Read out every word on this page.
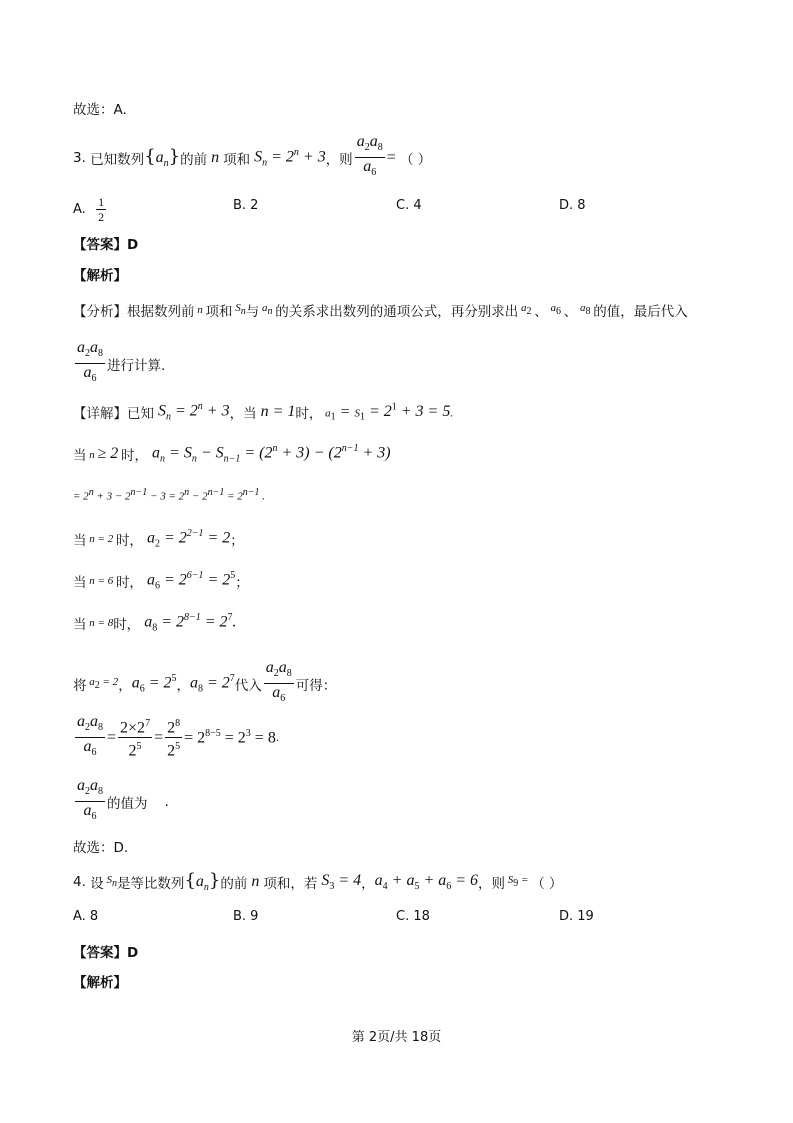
故选：A.
3.
已知数列 $\{a_n\}$ 的前 n 项和 $S_n = 2^n + 3$ ，则 $\frac{a_2a_8}{a_6}$ =
（ ）
A.
$\frac{1}{2}$	B. 2	C. 4	D. 8
【答案】D
【解析】
【分析】根据数列前 n 项和 $S_n$ 与 $a_n$ 的关系求出数列的通项公式，再分别求出 $a_2$ 、 $a_6$ 、 $a_8$ 的值，最后代入
$\frac{a_2a_8}{a_6}$ 进行计算.
【详解】已知 $S_n = 2^n + 3$ ，当 n = 1 时， $a_1 = S_1 = 2^1 + 3 = 5$.
当 n ≥ 2 时， $a_n = S_n - S_{n-1} = (2^n + 3) - (2^{n-1} + 3)$
= $2^n + 3 - 2^{n-1} - 3 = 2^n - 2^{n-1} = 2^{n-1}$ .
当 n = 2 时， $a_2 = 2^{2-1} = 2$ ；
当 n = 6 时， $a_6 = 2^{6-1} = 2^5$ ；
当 n = 8 时， $a_8 = 2^{8-1} = 2^7$.
将 $a_2 = 2$ ， $a_6 = 2^5$ ， $a_8 = 2^7$ 代入 $\frac{a_2a_8}{a_6}$ 可得：
$\frac{a_2a_8}{a_6} = \frac{2\times 2^7}{2^5} = \frac{2^8}{2^5} = 2^{8-5} = 2^3 = 8$ .
$\frac{a_2a_8}{a_6}$ 的值为 .
故选：D.
4.
设 $S_n$ 是等比数列 $\{a_n\}$ 的前 n 项和，若 $S_3 = 4$ ， $a_4 + a_5 + a_6 = 6$ ，则 $S_9$ = （ ）
A. 8	B. 9	C. 18	D. 19
【答案】D
【解析】
第 2页/共 18页
